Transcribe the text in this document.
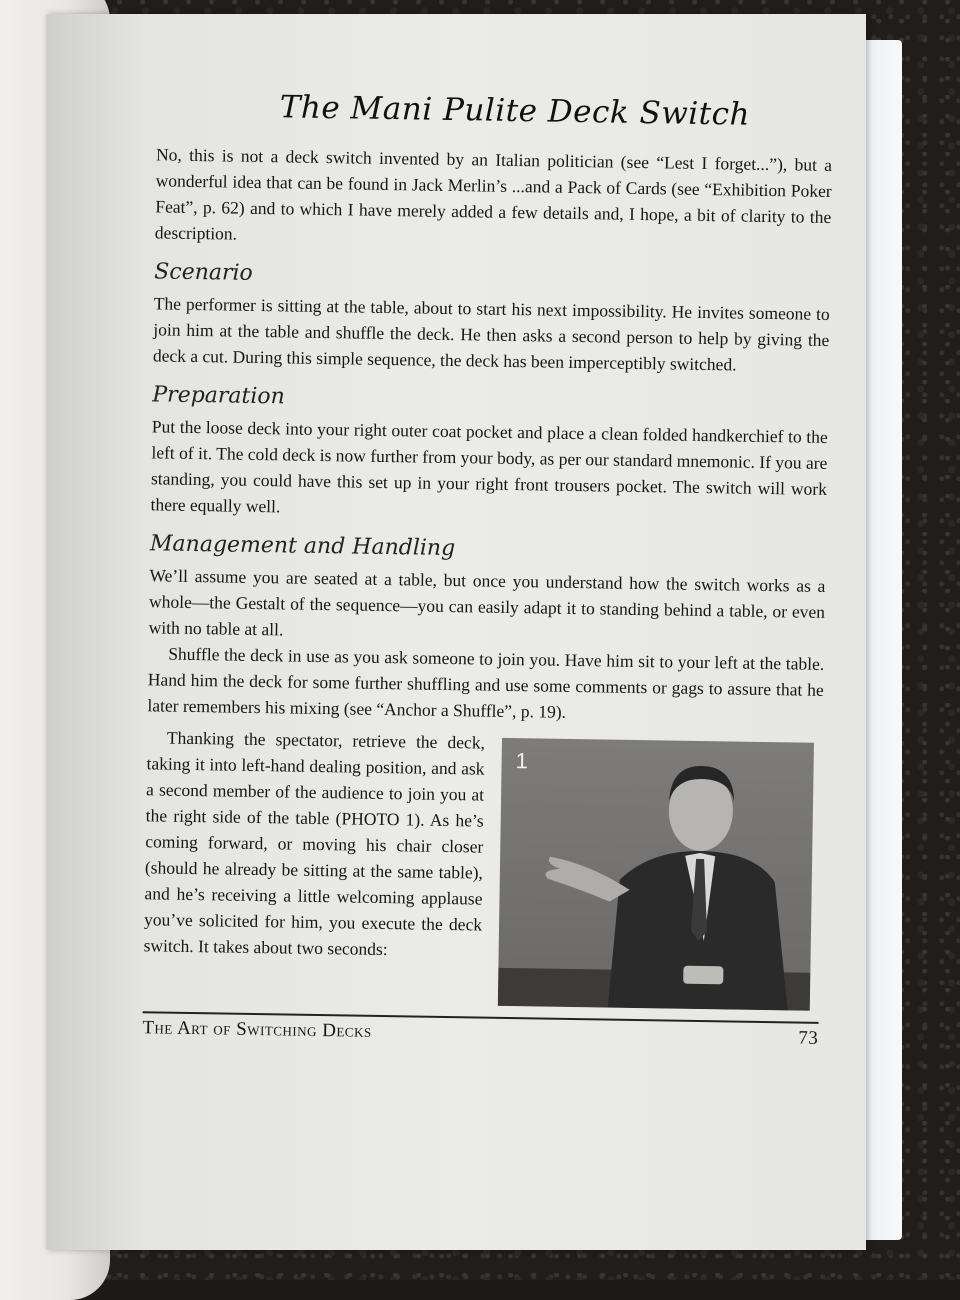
The Mani Pulite Deck Switch

No, this is not a deck switch invented by an Italian politician (see “Lest I forget...”), but a wonderful idea that can be found in Jack Merlin’s ...and a Pack of Cards (see “Exhibition Poker Feat”, p. 62) and to which I have merely added a few details and, I hope, a bit of clarity to the description.

Scenario

The performer is sitting at the table, about to start his next impossibility. He invites someone to join him at the table and shuffle the deck. He then asks a second person to help by giving the deck a cut. During this simple sequence, the deck has been imperceptibly switched.

Preparation

Put the loose deck into your right outer coat pocket and place a clean folded handkerchief to the left of it. The cold deck is now further from your body, as per our standard mnemonic. If you are standing, you could have this set up in your right front trousers pocket. The switch will work there equally well.

Management and Handling

We’ll assume you are seated at a table, but once you understand how the switch works as a whole—the Gestalt of the sequence—you can easily adapt it to standing behind a table, or even with no table at all.

Shuffle the deck in use as you ask someone to join you. Have him sit to your left at the table. Hand him the deck for some further shuffling and use some comments or gags to assure that he later remembers his mixing (see “Anchor a Shuffle”, p. 19).

Thanking the spectator, retrieve the deck, taking it into left-hand dealing position, and ask a second member of the audience to join you at the right side of the table (PHOTO 1). As he’s coming forward, or moving his chair closer (should he already be sitting at the same table), and he’s receiving a little welcoming applause you’ve solicited for him, you execute the deck switch. It takes about two seconds:

1
The Art of Switching Decks	73
